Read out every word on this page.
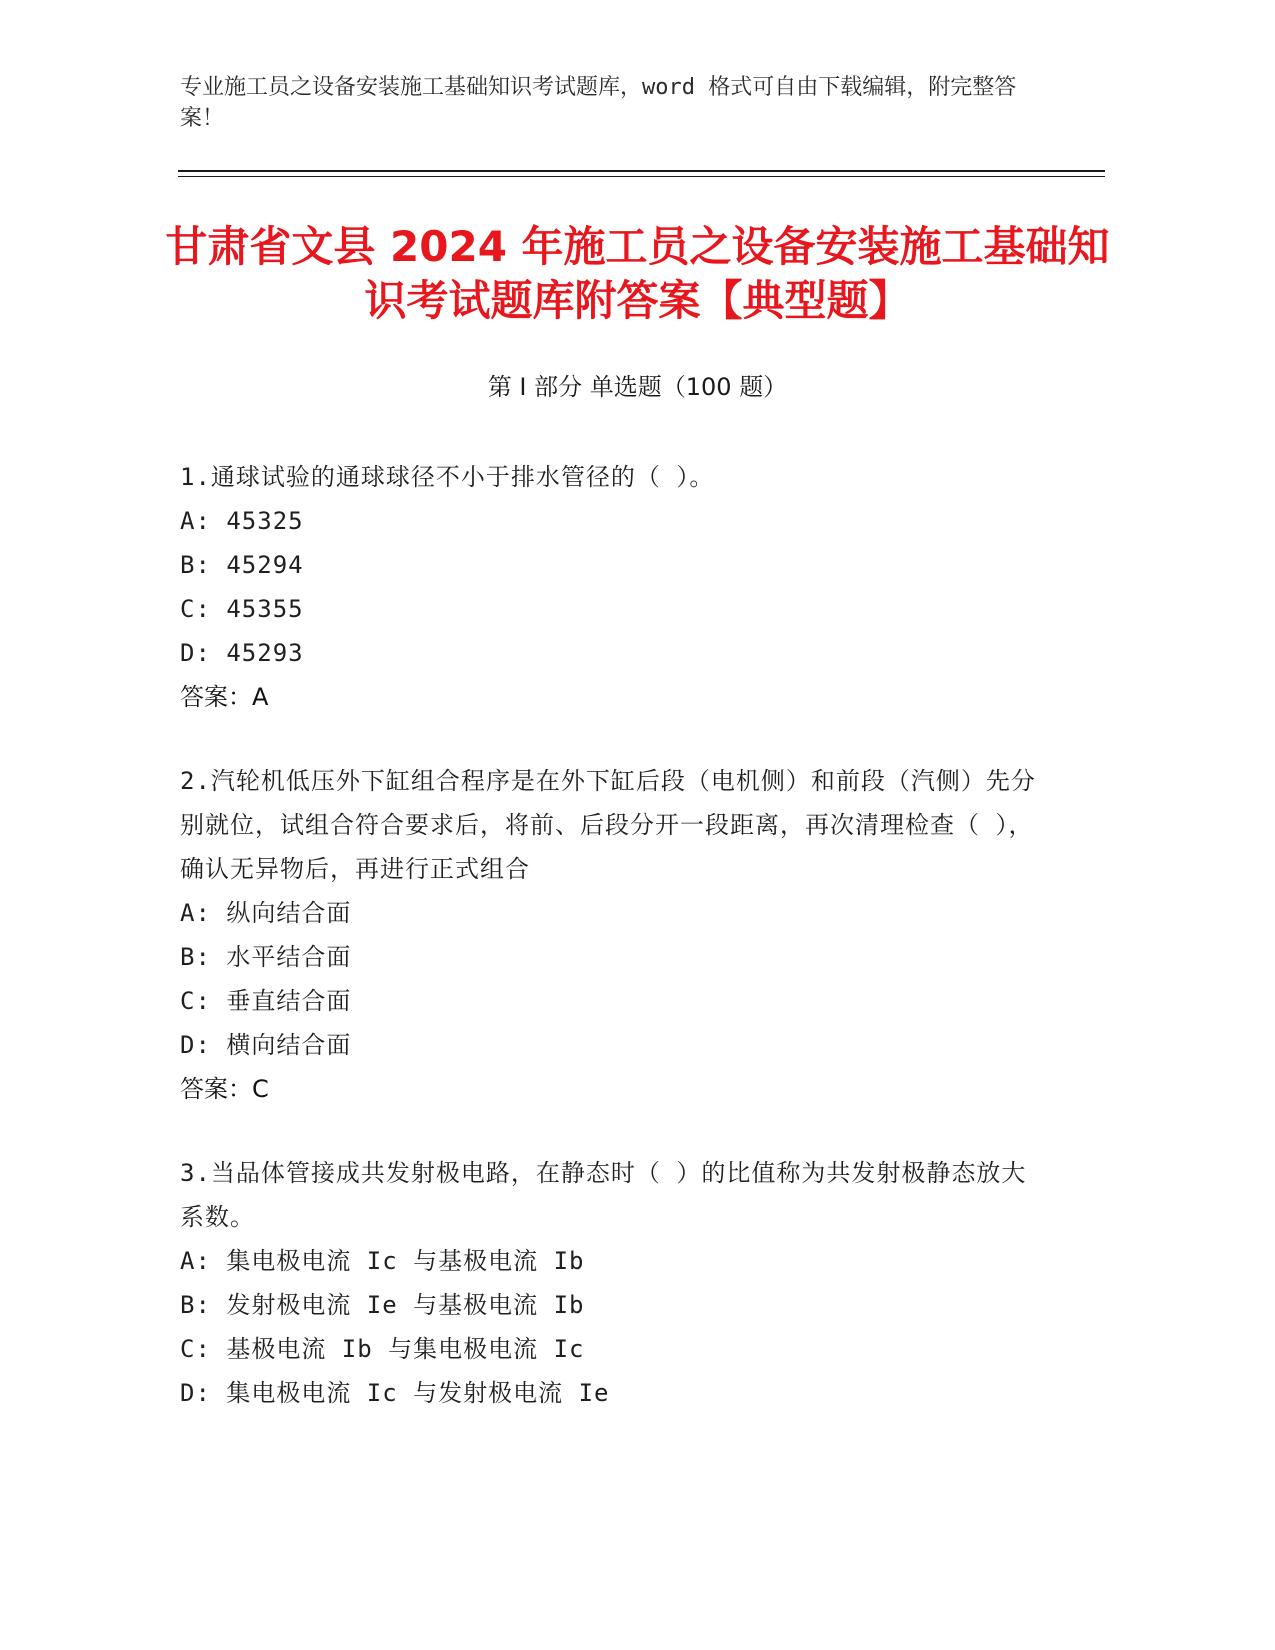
专业施工员之设备安装施工基础知识考试题库，word 格式可自由下载编辑，附完整答案！
甘肃省文县 2024 年施工员之设备安装施工基础知识考试题库附答案【典型题】
第 I 部分 单选题（100 题）
1.通球试验的通球球径不小于排水管径的（ ）。
A: 45325
B: 45294
C: 45355
D: 45293
答案：A
2.汽轮机低压外下缸组合程序是在外下缸后段（电机侧）和前段（汽侧）先分别就位，试组合符合要求后，将前、后段分开一段距离，再次清理检查（ ），确认无异物后，再进行正式组合
A: 纵向结合面
B: 水平结合面
C: 垂直结合面
D: 横向结合面
答案：C
3.当品体管接成共发射极电路，在静态时（ ）的比值称为共发射极静态放大系数。
A: 集电极电流 Ic 与基极电流 Ib
B: 发射极电流 Ie 与基极电流 Ib
C: 基极电流 Ib 与集电极电流 Ic
D: 集电极电流 Ic 与发射极电流 Ie
